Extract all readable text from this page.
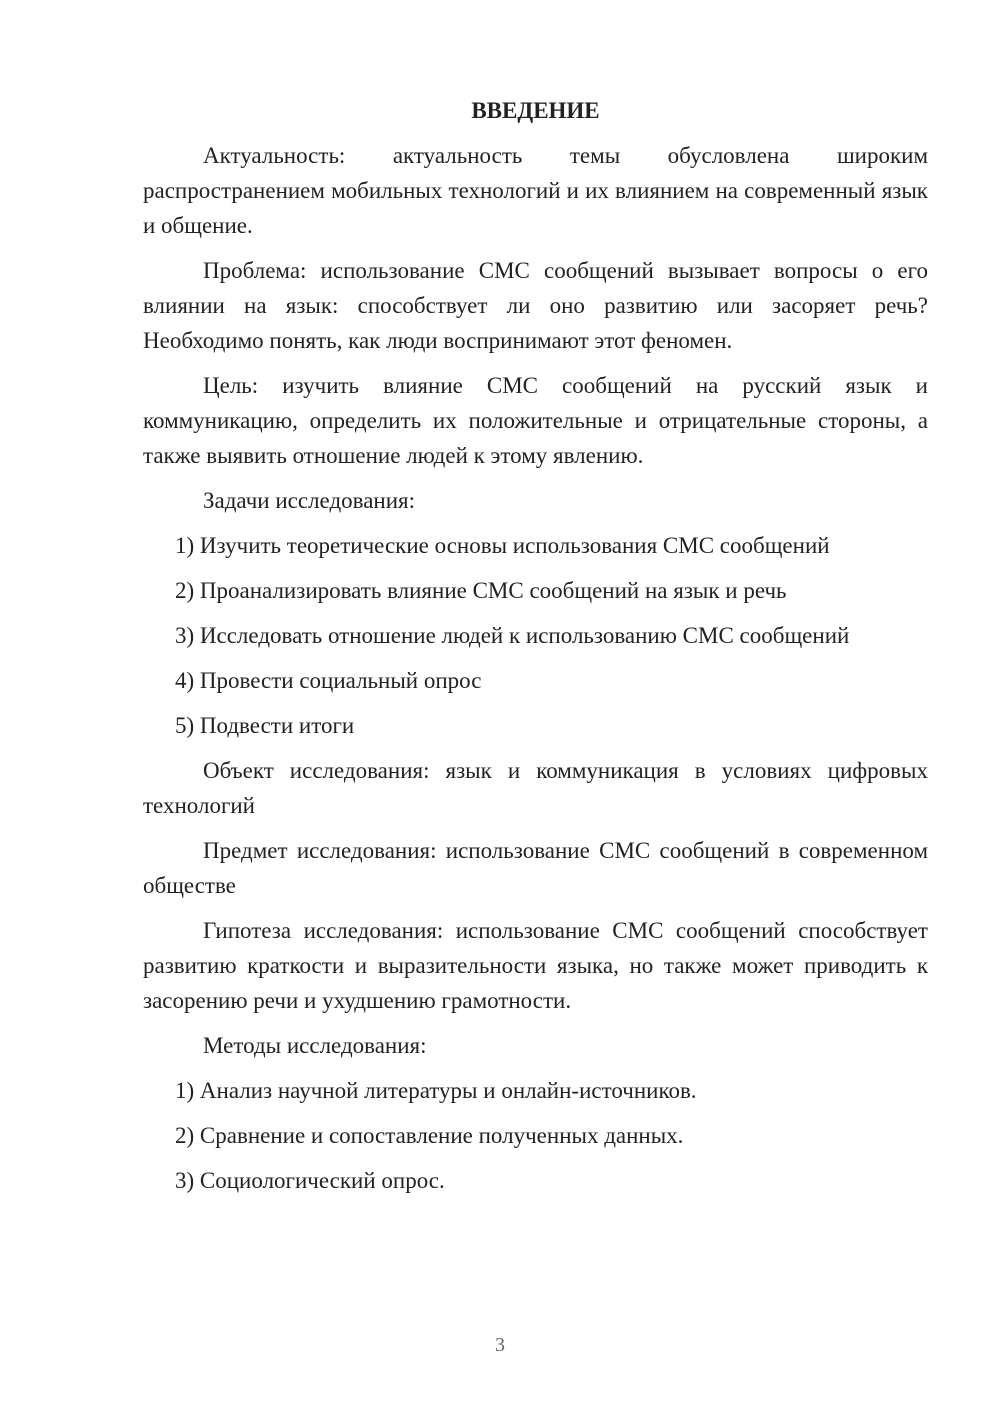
ВВЕДЕНИЕ

Актуальность: актуальность темы обусловлена широким распространением мобильных технологий и их влиянием на современный язык и общение.

Проблема: использование СМС сообщений вызывает вопросы о его влиянии на язык: способствует ли оно развитию или засоряет речь? Необходимо понять, как люди воспринимают этот феномен.

Цель: изучить влияние СМС сообщений на русский язык и коммуникацию, определить их положительные и отрицательные стороны, а также выявить отношение людей к этому явлению.

Задачи исследования:

1) Изучить теоретические основы использования СМС сообщений
2) Проанализировать влияние СМС сообщений на язык и речь
3) Исследовать отношение людей к использованию СМС сообщений
4) Провести социальный опрос
5) Подвести итоги

Объект исследования: язык и коммуникация в условиях цифровых технологий

Предмет исследования: использование СМС сообщений в современном обществе

Гипотеза исследования: использование СМС сообщений способствует развитию краткости и выразительности языка, но также может приводить к засорению речи и ухудшению грамотности.

Методы исследования:

1) Анализ научной литературы и онлайн-источников.
2) Сравнение и сопоставление полученных данных.
3) Социологический опрос.
3
